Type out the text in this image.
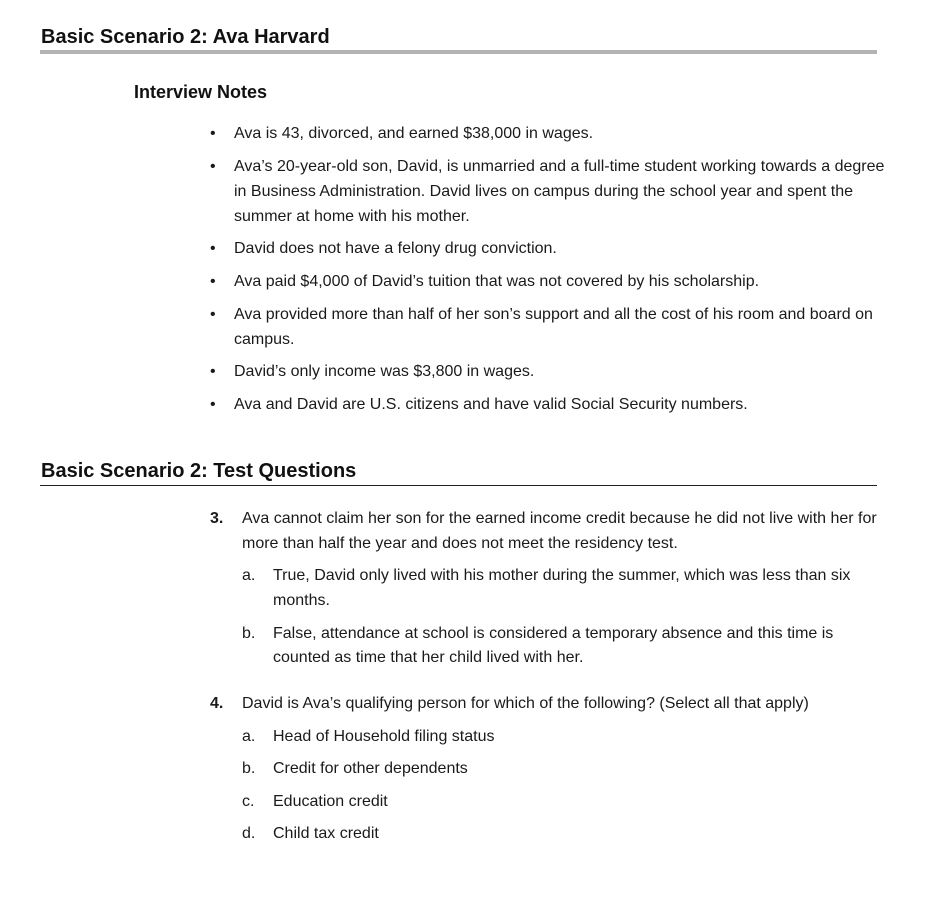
Basic Scenario 2: Ava Harvard
Interview Notes
• Ava is 43, divorced, and earned $38,000 in wages.
• Ava’s 20-year-old son, David, is unmarried and a full-time student working towards a degree in Business Administration. David lives on campus during the school year and spent the summer at home with his mother.
• David does not have a felony drug conviction.
• Ava paid $4,000 of David’s tuition that was not covered by his scholarship.
• Ava provided more than half of her son’s support and all the cost of his room and board on campus.
• David’s only income was $3,800 in wages.
• Ava and David are U.S. citizens and have valid Social Security numbers.
Basic Scenario 2: Test Questions
3. Ava cannot claim her son for the earned income credit because he did not live with her for more than half the year and does not meet the residency test.
a. True, David only lived with his mother during the summer, which was less than six months.
b. False, attendance at school is considered a temporary absence and this time is counted as time that her child lived with her.
4. David is Ava’s qualifying person for which of the following? (Select all that apply)
a. Head of Household filing status
b. Credit for other dependents
c. Education credit
d. Child tax credit
